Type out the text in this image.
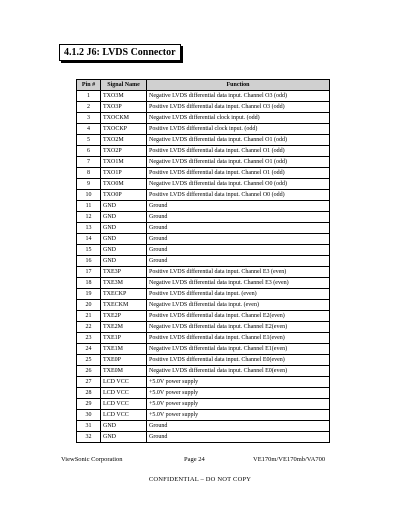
4.1.2 J6: LVDS Connector
Pin #	Signal Name	Function
1	TXO3M	Negative LVDS differential data input. Channel O3 (odd)
2	TXO3P	Positive LVDS differential data input. Channel O3 (odd)
3	TXOCKM	Negative LVDS differential clock input. (odd)
4	TXOCKP	Positive LVDS differential clock input. (odd)
5	TXO2M	Negative LVDS differential data input. Channel O1 (odd)
6	TXO2P	Positive LVDS differential data input. Channel O1 (odd)
7	TXO1M	Negative LVDS differential data input. Channel O1 (odd)
8	TXO1P	Positive LVDS differential data input. Channel O1 (odd)
9	TXO0M	Negative LVDS differential data input. Channel O0 (odd)
10	TXO0P	Positive LVDS differential data input. Channel O0 (odd)
11	GND	Ground
12	GND	Ground
13	GND	Ground
14	GND	Ground
15	GND	Ground
16	GND	Ground
17	TXE3P	Positive LVDS differential data input. Channel E3 (even)
18	TXE3M	Negative LVDS differential data input. Channel E3 (even)
19	TXECKP	Positive LVDS differential data input. (even)
20	TXECKM	Negative LVDS differential data input. (even)
21	TXE2P	Positive LVDS differential data input. Channel E2(even)
22	TXE2M	Negative LVDS differential data input. Channel E2(even)
23	TXE1P	Positive LVDS differential data input. Channel E1(even)
24	TXE1M	Negative LVDS differential data input. Channel E1(even)
25	TXE0P	Positive LVDS differential data input. Channel E0(even)
26	TXE0M	Negative LVDS differential data input. Channel E0(even)
27	LCD VCC	+5.0V power supply
28	LCD VCC	+5.0V power supply
29	LCD VCC	+5.0V power supply
30	LCD VCC	+5.0V power supply
31	GND	Ground
32	GND	Ground
ViewSonic Corporation	Page 24	VE170m/VE170mb/VA700
CONFIDENTIAL – DO NOT COPY
